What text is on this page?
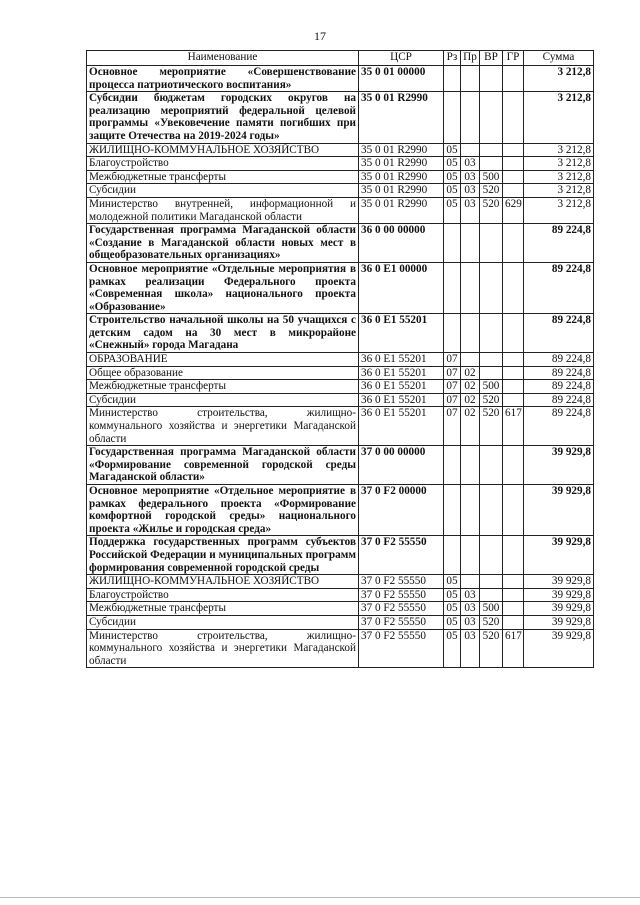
17
Наименование	ЦСР	Рз	Пр	ВР	ГР	Сумма
Основное мероприятие «Совершенствование процесса патриотического воспитания»	35 0 01 00000					3 212,8
Субсидии бюджетам городских округов на реализацию мероприятий федеральной целевой программы «Увековечение памяти погибших при защите Отечества на 2019-2024 годы»	35 0 01 R2990					3 212,8
ЖИЛИЩНО-КОММУНАЛЬНОЕ ХОЗЯЙСТВО	35 0 01 R2990	05				3 212,8
Благоустройство	35 0 01 R2990	05	03			3 212,8
Межбюджетные трансферты	35 0 01 R2990	05	03	500		3 212,8
Субсидии	35 0 01 R2990	05	03	520		3 212,8
Министерство внутренней, информационной и молодежной политики Магаданской области	35 0 01 R2990	05	03	520	629	3 212,8
Государственная программа Магаданской области «Создание в Магаданской области новых мест в общеобразовательных организациях»	36 0 00 00000					89 224,8
Основное мероприятие «Отдельные мероприятия в рамках реализации Федерального проекта «Современная школа» национального проекта «Образование»	36 0 E1 00000					89 224,8
Строительство начальной школы на 50 учащихся с детским садом на 30 мест в микрорайоне «Снежный» города Магадана	36 0 E1 55201					89 224,8
ОБРАЗОВАНИЕ	36 0 E1 55201	07				89 224,8
Общее образование	36 0 E1 55201	07	02			89 224,8
Межбюджетные трансферты	36 0 E1 55201	07	02	500		89 224,8
Субсидии	36 0 E1 55201	07	02	520		89 224,8
Министерство строительства, жилищно-коммунального хозяйства и энергетики Магаданской области	36 0 E1 55201	07	02	520	617	89 224,8
Государственная программа Магаданской области «Формирование современной городской среды Магаданской области»	37 0 00 00000					39 929,8
Основное мероприятие «Отдельное мероприятие в рамках федерального проекта «Формирование комфортной городской среды» национального проекта «Жилье и городская среда»	37 0 F2 00000					39 929,8
Поддержка государственных программ субъектов Российской Федерации и муниципальных программ формирования современной городской среды	37 0 F2 55550					39 929,8
ЖИЛИЩНО-КОММУНАЛЬНОЕ ХОЗЯЙСТВО	37 0 F2 55550	05				39 929,8
Благоустройство	37 0 F2 55550	05	03			39 929,8
Межбюджетные трансферты	37 0 F2 55550	05	03	500		39 929,8
Субсидии	37 0 F2 55550	05	03	520		39 929,8
Министерство строительства, жилищно-коммунального хозяйства и энергетики Магаданской области	37 0 F2 55550	05	03	520	617	39 929,8
